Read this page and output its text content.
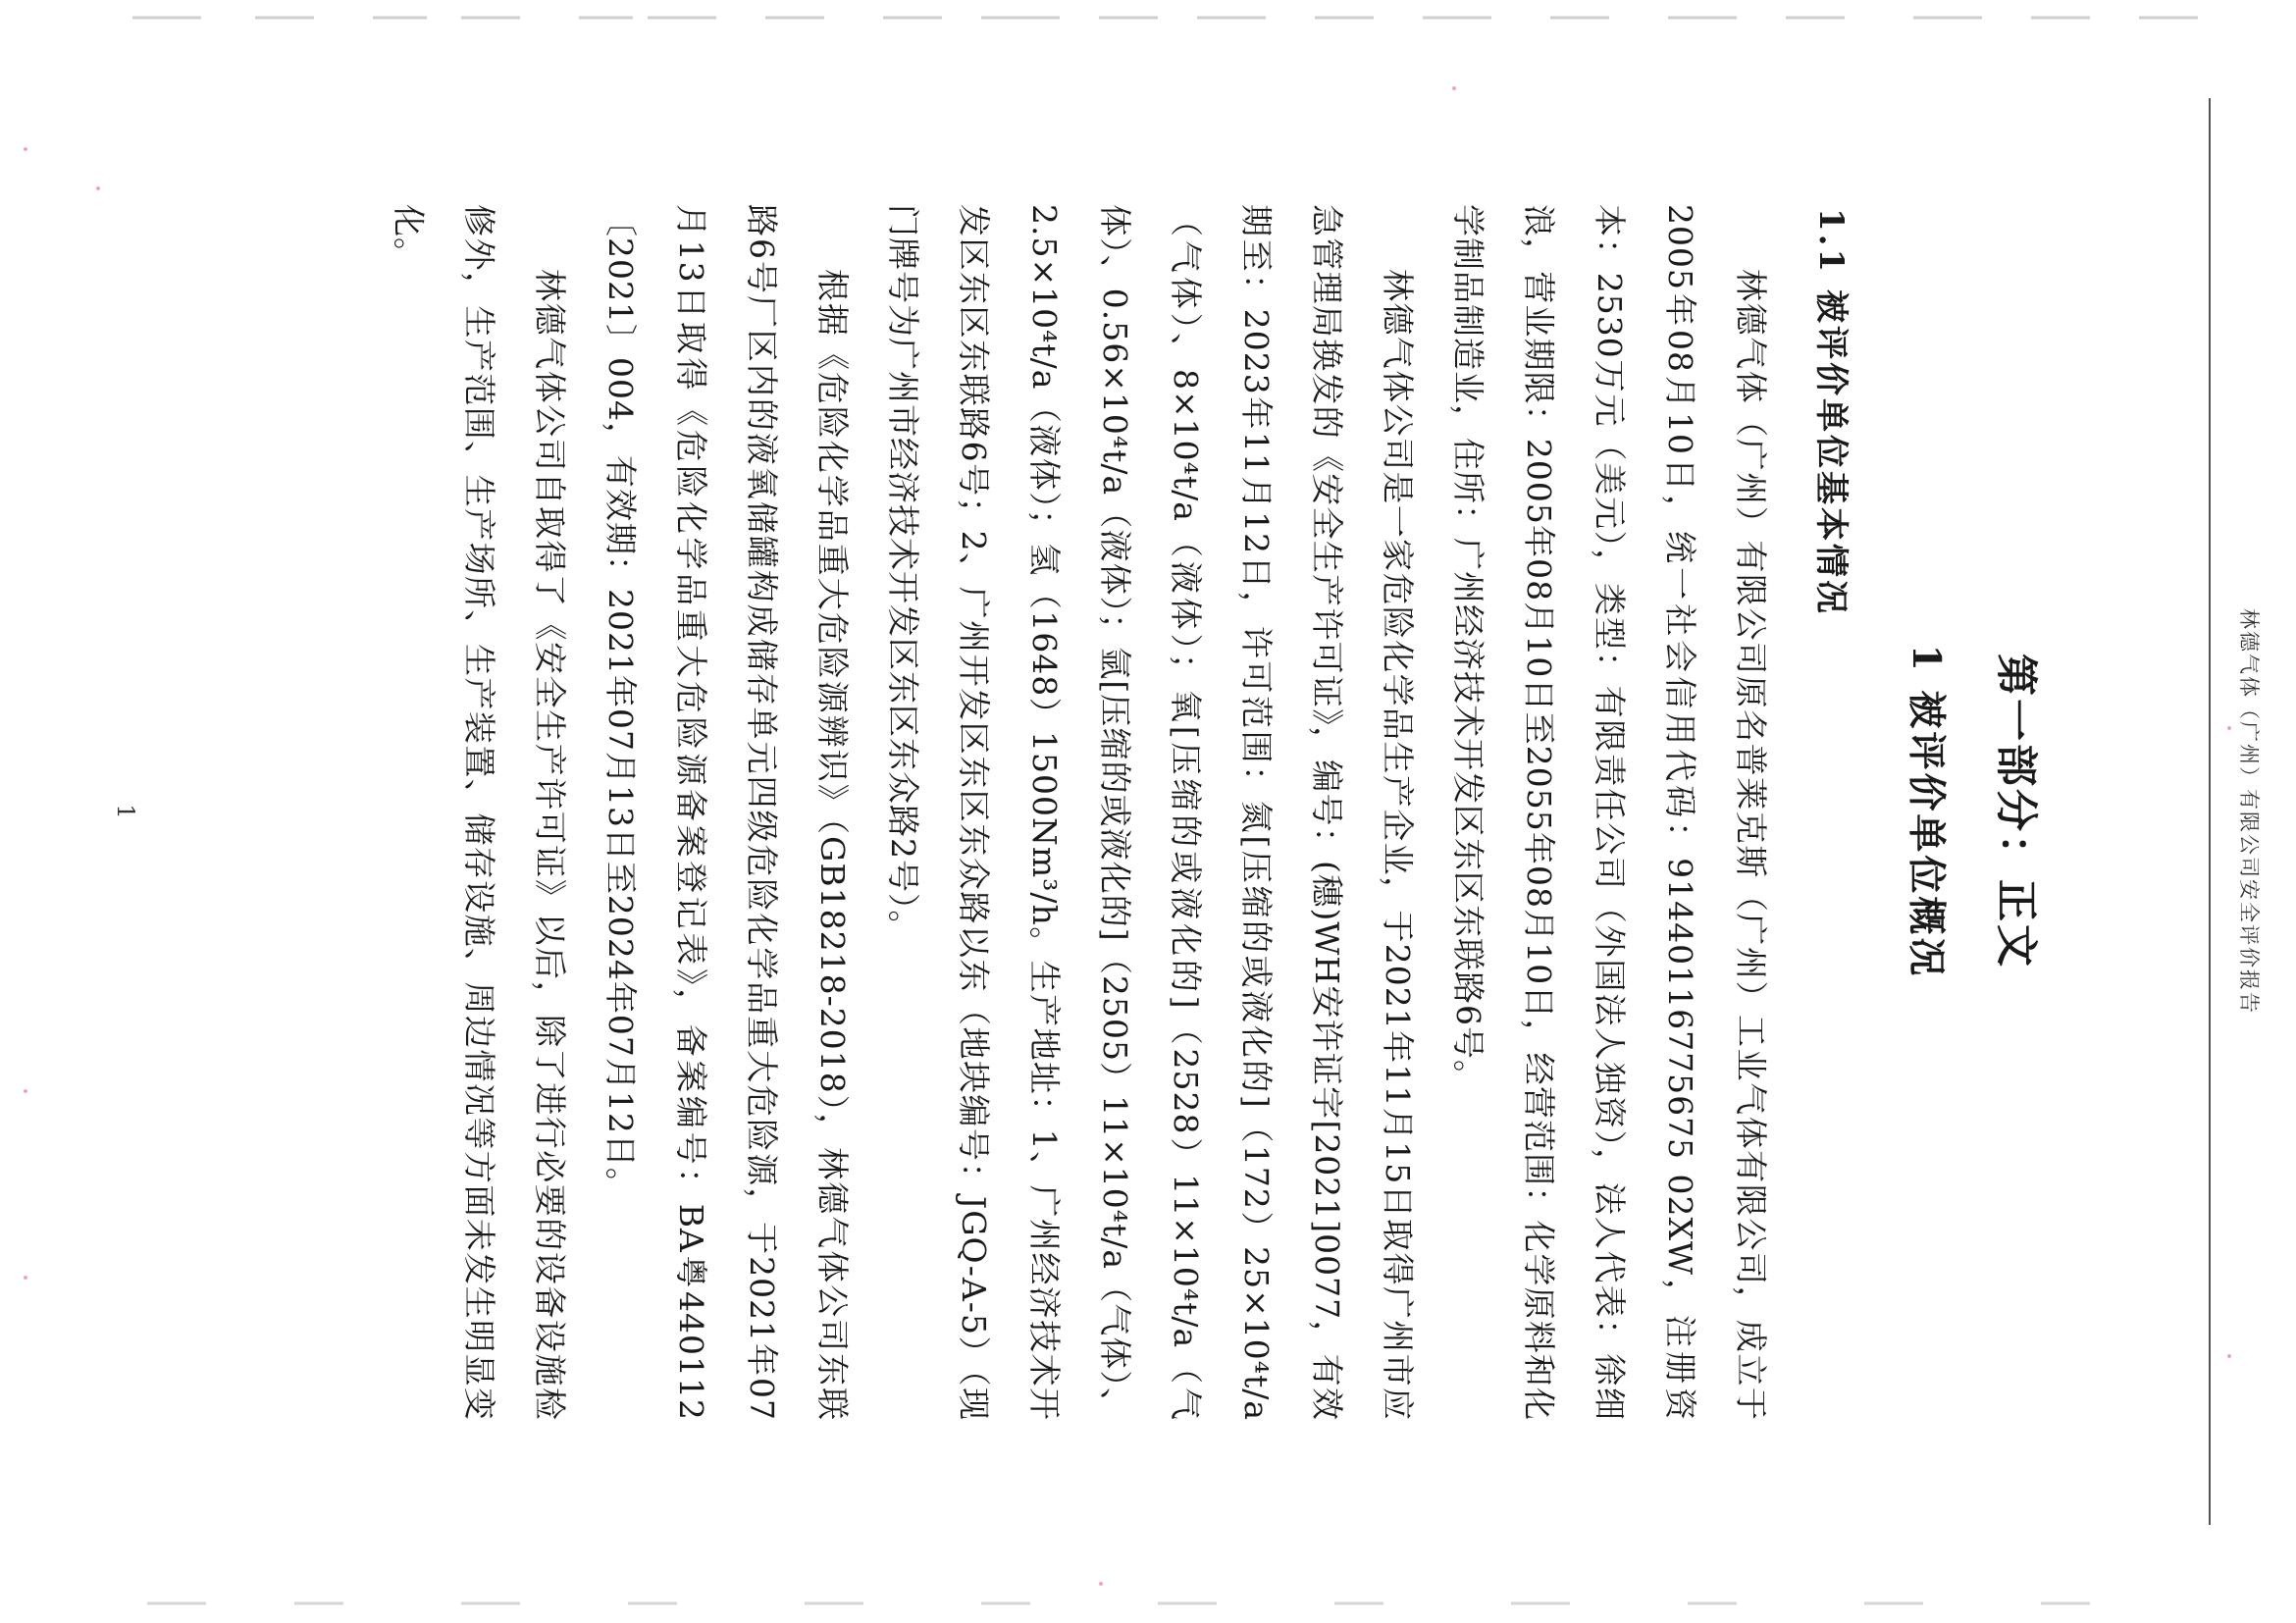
林德气体（广州）有限公司安全评价报告
第一部分：正文
1 被评价单位概况
1.1 被评价单位基本情况

林德气体（广州）有限公司原名普莱克斯（广州）工业气体有限公司，成立于2005年08月10日，统一社会信用代码：91440116775675 02XW，注册资本：2530万元（美元），类型：有限责任公司（外国法人独资），法人代表：徐细浪，营业期限：2005年08月10日至2055年08月10日，经营范围：化学原料和化学制品制造业，住所：广州经济技术开发区东区东联路6号。

林德气体公司是一家危险化学品生产企业，于2021年11月15日取得广州市应急管理局换发的《安全生产许可证》，编号：(穗)WH安许证字[2021]0077，有效期至：2023年11月12日，许可范围：氮[压缩的或液化的]（172）25×10⁴t/a（气体）、8×10⁴t/a（液体）；氧[压缩的或液化的]（2528）11×10⁴t/a（气体）、0.56×10⁴t/a（液体）；氩[压缩的或液化的]（2505）11×10⁴t/a（气体）、2.5×10⁴t/a（液体）；氢（1648）1500Nm³/h。生产地址：1、广州经济技术开发区东区东联路6号；2、广州开发区东区东众路以东（地块编号：JGQ-A-5）（现门牌号为广州市经济技术开发区东区东众路2号）。

根据《危险化学品重大危险源辨识》（GB18218-2018），林德气体公司东联路6号厂区内的液氧储罐构成储存单元四级危险化学品重大危险源，于2021年07月13日取得《危险化学品重大危险源备案登记表》，备案编号：BA粤440112〔2021〕004，有效期：2021年07月13日至2024年07月12日。

林德气体公司自取得了《安全生产许可证》以后，除了进行必要的设备设施检修外，生产范围、生产场所、生产装置、储存设施、周边情况等方面未发生明显变化。

1
